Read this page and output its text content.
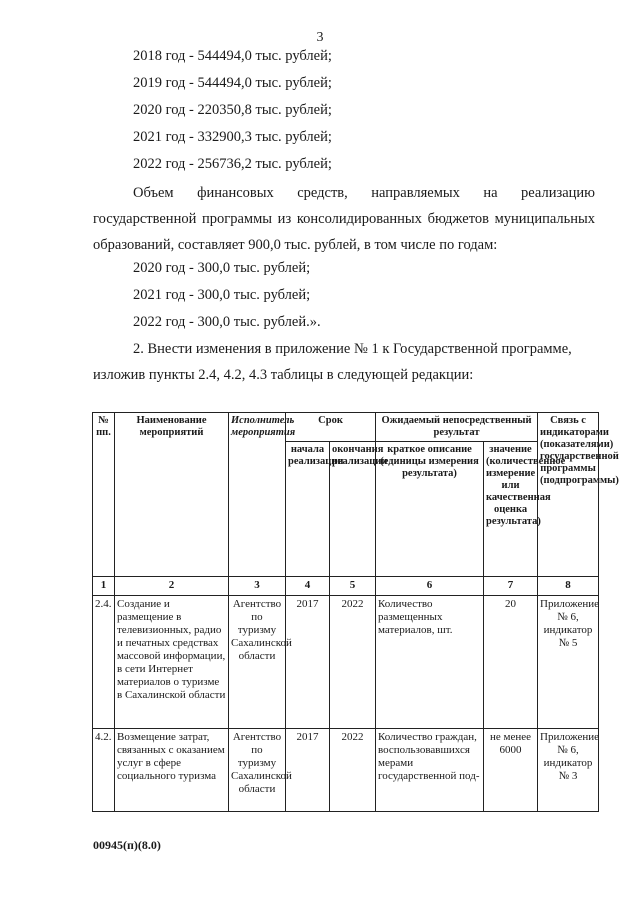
3
2018 год - 544494,0 тыс. рублей;
2019 год - 544494,0 тыс. рублей;
2020 год - 220350,8 тыс. рублей;
2021 год - 332900,3 тыс. рублей;
2022 год - 256736,2 тыс. рублей;
Объем финансовых средств, направляемых на реализацию государственной программы из консолидированных бюджетов муниципальных образований, составляет 900,0 тыс. рублей, в том числе по годам:
2020 год - 300,0 тыс. рублей;
2021 год - 300,0 тыс. рублей;
2022 год - 300,0 тыс. рублей.».
2. Внести изменения в приложение № 1 к Государственной программе,
изложив пункты 2.4, 4.2, 4.3 таблицы в следующей редакции:
№ пп.	Наименование мероприятий	Исполнитель мероприятия	Срок		Ожидаемый непосредственный результат		Связь с индикаторами (показателями) государственной программы (подпрограммы)
			начала реализации	окончания реализации	краткое описание (единицы измерения результата)	значение (количественное измерение или качественная оценка результата)	
1	2	3	4	5	6	7	8
2.4.	Создание и размещение в телевизионных, радио и печатных средствах массовой информации, в сети Интернет материалов о туризме в Сахалинской области	Агентство по туризму Сахалинской области	2017	2022	Количество размещенных материалов, шт.	20	Приложение № 6, индикатор № 5
4.2.	Возмещение затрат, связанных с оказанием услуг в сфере социального туризма	Агентство по туризму Сахалинской области	2017	2022	Количество граждан, воспользовавшихся мерами государственной под-	не менее 6000	Приложение № 6, индикатор № 3
00945(п)(8.0)
